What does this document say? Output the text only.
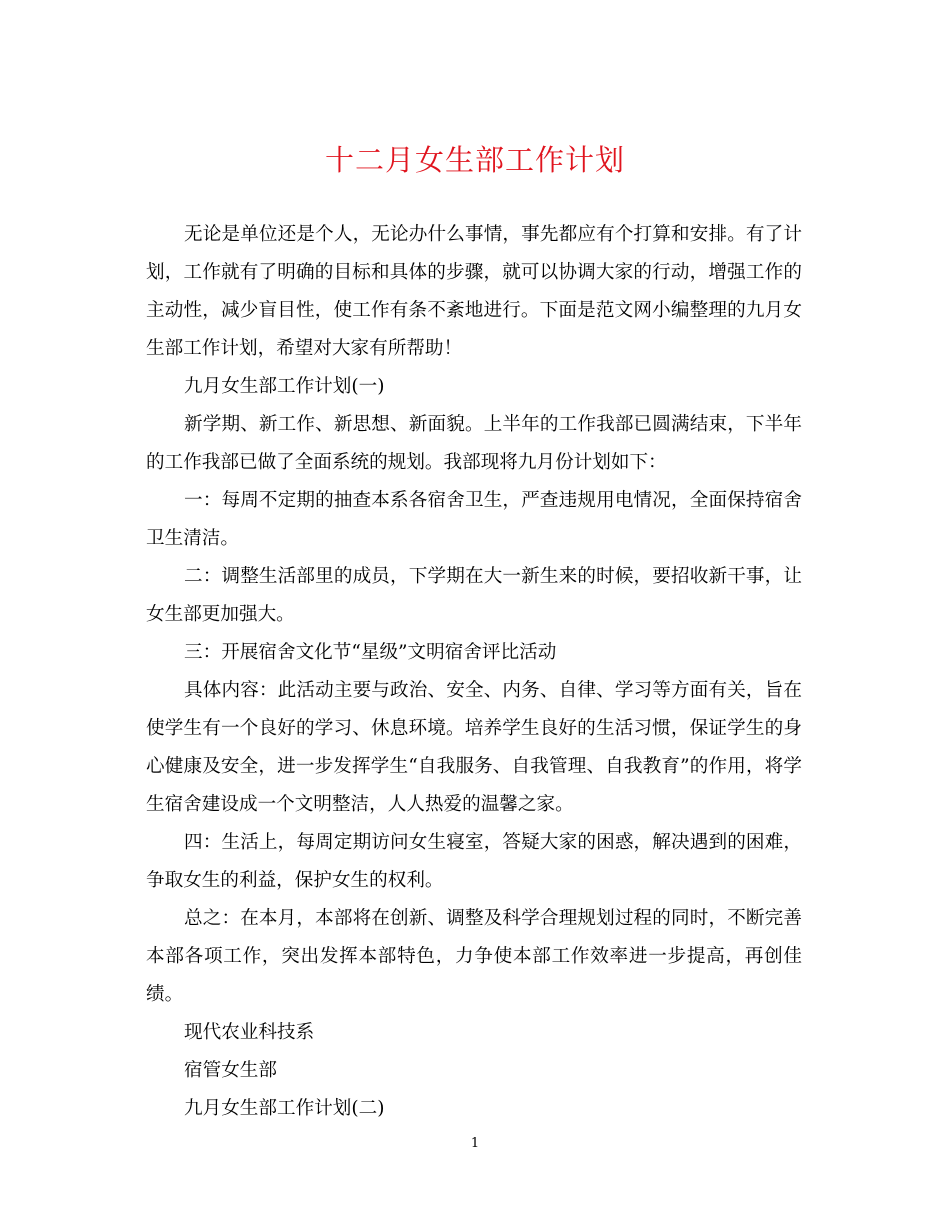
十二月女生部工作计划

无论是单位还是个人，无论办什么事情，事先都应有个打算和安排。有了计划，工作就有了明确的目标和具体的步骤，就可以协调大家的行动，增强工作的主动性，减少盲目性，使工作有条不紊地进行。下面是范文网小编整理的九月女生部工作计划，希望对大家有所帮助！

九月女生部工作计划(一)

新学期、新工作、新思想、新面貌。上半年的工作我部已圆满结束，下半年的工作我部已做了全面系统的规划。我部现将九月份计划如下：

一：每周不定期的抽查本系各宿舍卫生，严查违规用电情况，全面保持宿舍卫生清洁。

二：调整生活部里的成员，下学期在大一新生来的时候，要招收新干事，让女生部更加强大。

三：开展宿舍文化节“星级”文明宿舍评比活动

具体内容：此活动主要与政治、安全、内务、自律、学习等方面有关，旨在使学生有一个良好的学习、休息环境。培养学生良好的生活习惯，保证学生的身心健康及安全，进一步发挥学生“自我服务、自我管理、自我教育”的作用，将学生宿舍建设成一个文明整洁，人人热爱的温馨之家。

四：生活上，每周定期访问女生寝室，答疑大家的困惑，解决遇到的困难，争取女生的利益，保护女生的权利。

总之：在本月，本部将在创新、调整及科学合理规划过程的同时，不断完善本部各项工作，突出发挥本部特色，力争使本部工作效率进一步提高，再创佳绩。

现代农业科技系

宿管女生部

九月女生部工作计划(二)

1
